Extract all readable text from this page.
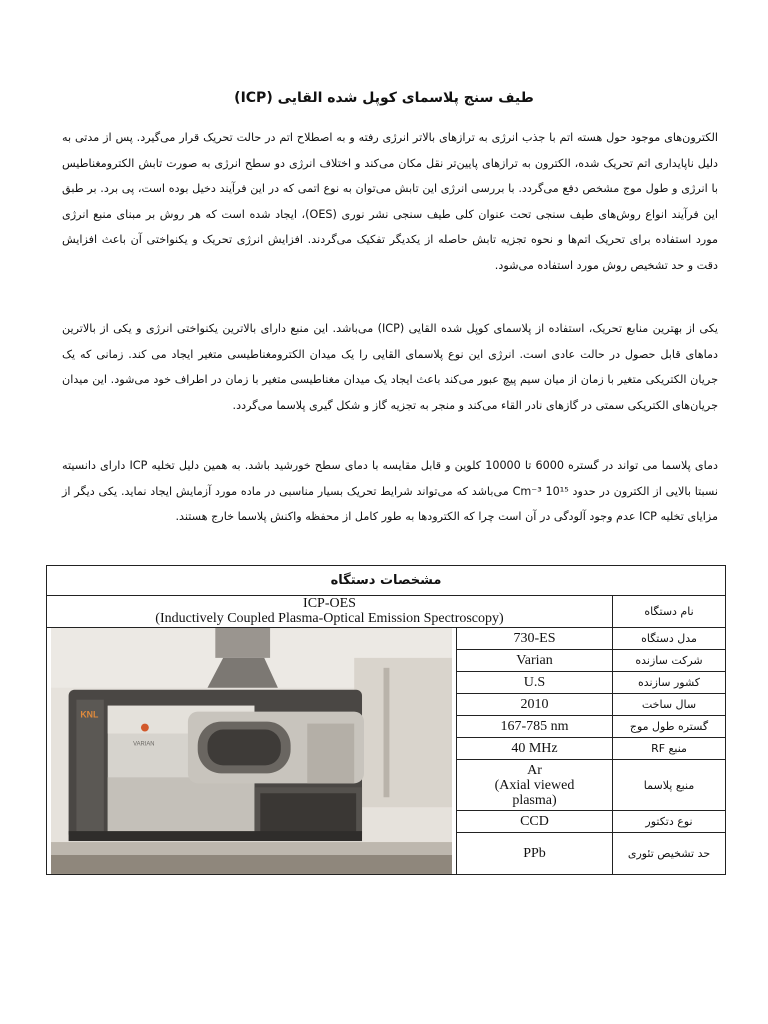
طیف سنج پلاسمای کوپل شده القایی (ICP)
الکترون‌های موجود حول هسته اتم با جذب انرژی به ترازهای بالاتر انرژی رفته و به اصطلاح اتم در حالت تحریک قرار می‌گیرد. پس از مدتی به دلیل ناپایداری اتم تحریک شده، الکترون به ترازهای پایین‌تر نقل مکان می‌کند و اختلاف انرژی دو سطح انرژی به صورت تابش الکترومغناطیس با انرژی و طول موج مشخص دفع می‌گردد. با بررسی انرژی این تابش می‌توان به نوع اتمی که در این فرآیند دخیل بوده است، پی برد. بر طبق این فرآیند انواع روش‌های طیف سنجی تحت عنوان کلی طیف سنجی نشر نوری (OES)، ایجاد شده است که هر روش بر مبنای منبع انرژی مورد استفاده برای تحریک اتم‌ها و نحوه تجزیه تابش حاصله از یکدیگر تفکیک می‌گردند. افزایش انرژی تحریک و یکنواختی آن باعث افزایش دقت و حد تشخیص روش مورد استفاده می‌شود.
یکی از بهترین منابع تحریک، استفاده از پلاسمای کوپل شده القایی (ICP) می‌باشد. این منبع دارای بالاترین یکنواختی انرژی و یکی از بالاترین دماهای قابل حصول در حالت عادی است. انرژی این نوع پلاسمای القایی را یک میدان الکترومغناطیسی متغیر ایجاد می کند. زمانی که یک جریان الکتریکی متغیر با زمان از میان سیم پیچ عبور می‌کند باعث ایجاد یک میدان مغناطیسی متغیر با زمان در اطراف خود می‌شود. این میدان جریان‌های الکتریکی سمتی در گازهای نادر القاء می‌کند و منجر به تجزیه گاز و شکل گیری پلاسما می‌گردد.
دمای پلاسما می تواند در گستره 6000 تا 10000 کلوین و قابل مقایسه با دمای سطح خورشید باشد. به همین دلیل تخلیه ICP دارای دانسیته نسبتا بالایی از الکترون در حدود 10¹⁵ Cm⁻³ می‌باشد که می‌تواند شرایط تحریک بسیار مناسبی در ماده مورد آزمایش ایجاد نماید. یکی دیگر از مزایای تخلیه ICP عدم وجود آلودگی در آن است چرا که الکترودها به طور کامل از محفظه واکنش پلاسما خارج هستند.
مشخصات دستگاه		

ICP-OES
(Inductively Coupled Plasma-Optical Emission Spectroscopy)		نام دستگاه

KNL
VARIAN	730-ES	مدل دستگاه
	Varian	شرکت سازنده
	U.S	کشور سازنده
	2010	سال ساخت
	167-785 nm	گستره طول موج
	40 MHz	منبع RF

	Ar
(Axial viewed
plasma)	منبع پلاسما
	CCD	نوع دتکتور
	PPb	حد تشخیص تئوری
